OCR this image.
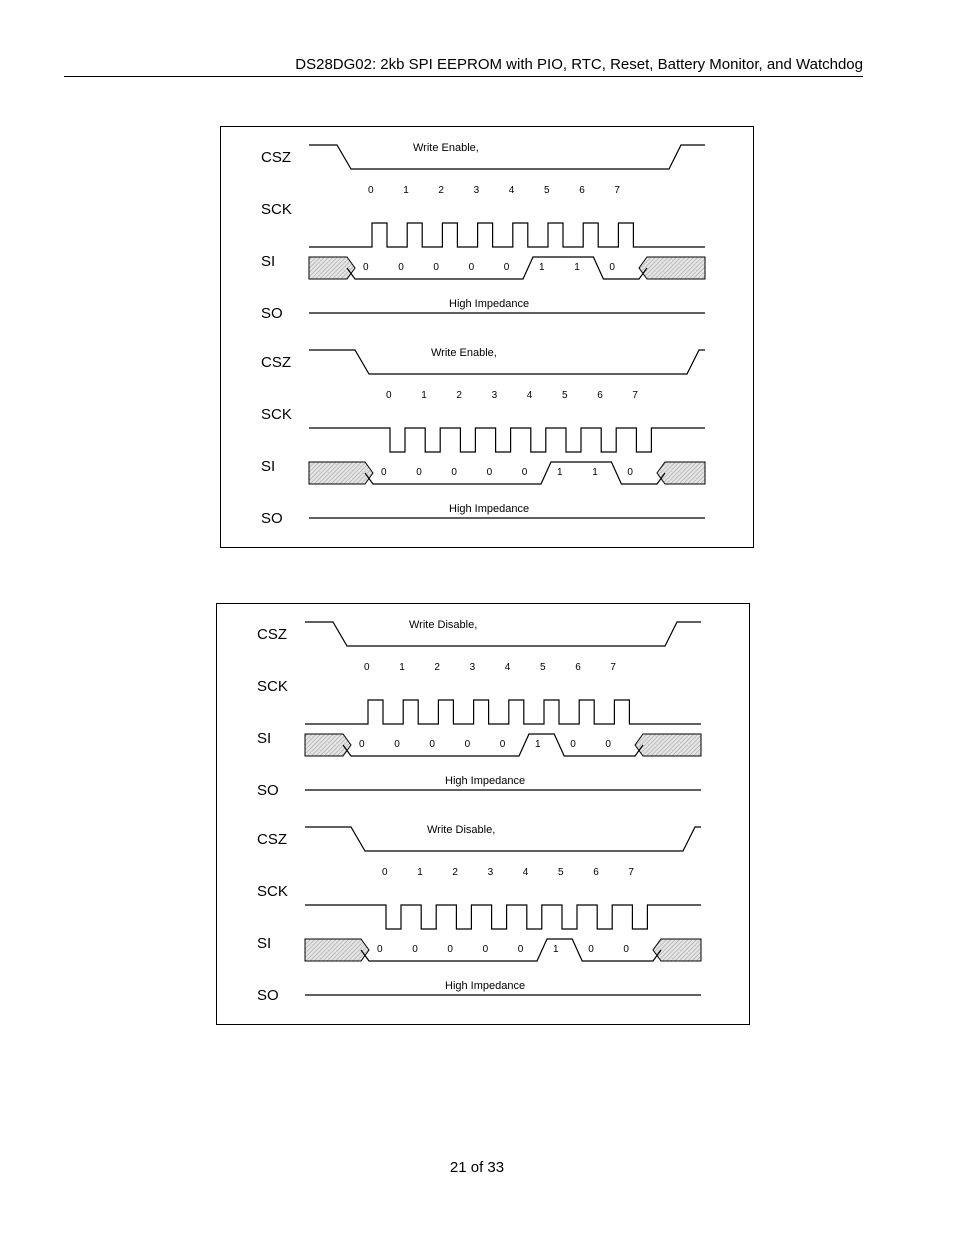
DS28DG02: 2kb SPI EEPROM with PIO, RTC, Reset, Battery Monitor, and Watchdog
CSZ
SCK
SI
SO
Write Enable,
0	1	2	3	4	5	6	7
0	0	0	0	0	1	1	0
High Impedance
CSZ
SCK
SI
SO
Write Enable,
0	1	2	3	4	5	6	7
0	0	0	0	0	1	1	0
High Impedance
CSZ
SCK
SI
SO
Write Disable,
0	1	2	3	4	5	6	7
0	0	0	0	0	1	0	0
High Impedance
CSZ
SCK
SI
SO
Write Disable,
0	1	2	3	4	5	6	7
0	0	0	0	0	1	0	0
High Impedance
21 of 33
